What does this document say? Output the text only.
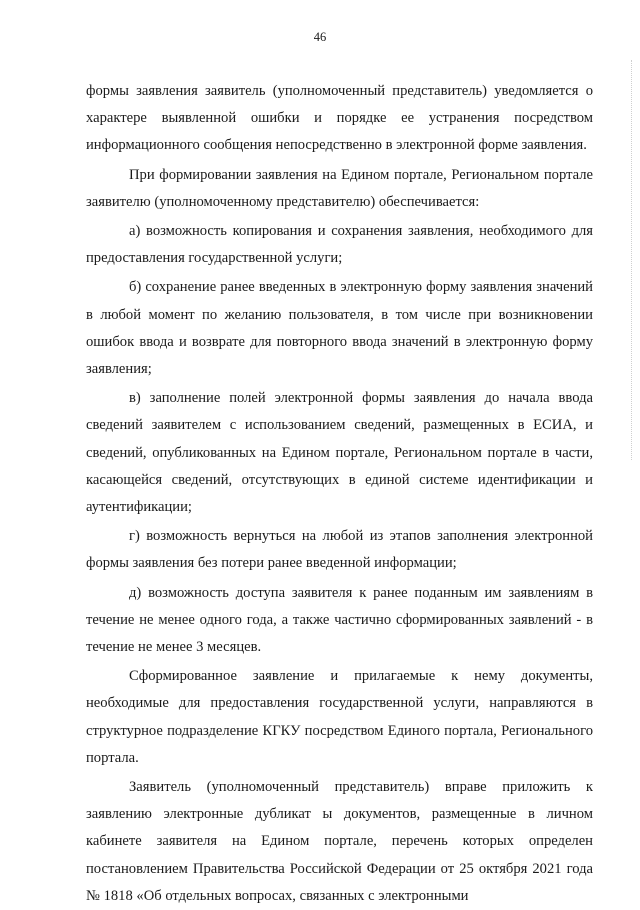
46

формы заявления заявитель (уполномоченный представитель) уведомляется о характере выявленной ошибки и порядке ее устранения посредством информационного сообщения непосредственно в электронной форме заявления.

При формировании заявления на Едином портале, Региональном портале заявителю (уполномоченному представителю) обеспечивается:

а) возможность копирования и сохранения заявления, необходимого для предоставления государственной услуги;

б) сохранение ранее введенных в электронную форму заявления значений в любой момент по желанию пользователя, в том числе при возникновении ошибок ввода и возврате для повторного ввода значений в электронную форму заявления;

в) заполнение полей электронной формы заявления до начала ввода сведений заявителем с использованием сведений, размещенных в ЕСИА, и сведений, опубликованных на Едином портале, Региональном портале в части, касающейся сведений, отсутствующих в единой системе идентификации и аутентификации;

г) возможность вернуться на любой из этапов заполнения электронной формы заявления без потери ранее введенной информации;

д) возможность доступа заявителя к ранее поданным им заявлениям в течение не менее одного года, а также частично сформированных заявлений - в течение не менее 3 месяцев.

Сформированное заявление и прилагаемые к нему документы, необходимые для предоставления государственной услуги, направляются в структурное подразделение КГКУ посредством Единого портала, Регионального портала.

Заявитель (уполномоченный представитель) вправе приложить к заявлению электронные дубликат ы документов, размещенные в личном кабинете заявителя на Едином портале, перечень которых определен постановлением Правительства Российской Федерации от 25 октября 2021 года № 1818 «Об отдельных вопросах, связанных с электронными
